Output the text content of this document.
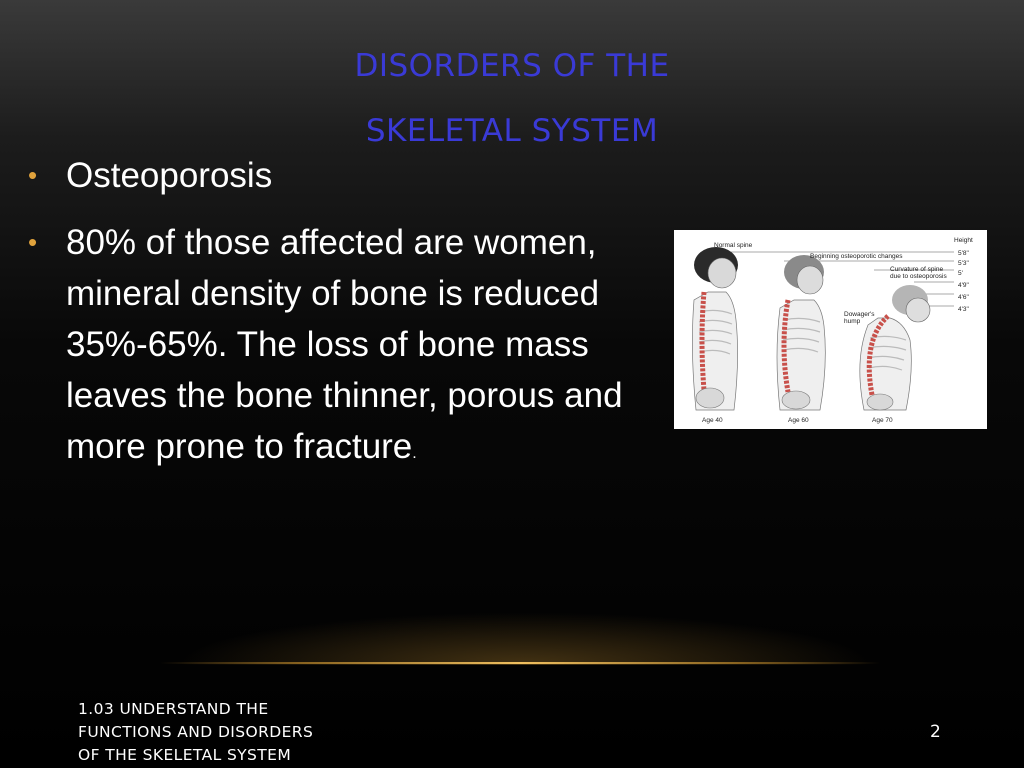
DISORDERS OF THE
SKELETAL SYSTEM
• Osteoporosis
• 80% of those affected are women, mineral density of bone is reduced 35%-65%. The loss of bone mass leaves the bone thinner, porous and more prone to fracture.
Normal spine
Beginning osteoporotic changes
Height
Curvature of spine
due to osteoporosis
Dowager's
hump
5'8"
5'3"
5'
4'9"
4'6"
4'3"
Age 40	Age 60	Age 70
1.03 UNDERSTAND THE
FUNCTIONS AND DISORDERS
OF THE SKELETAL SYSTEM
2
